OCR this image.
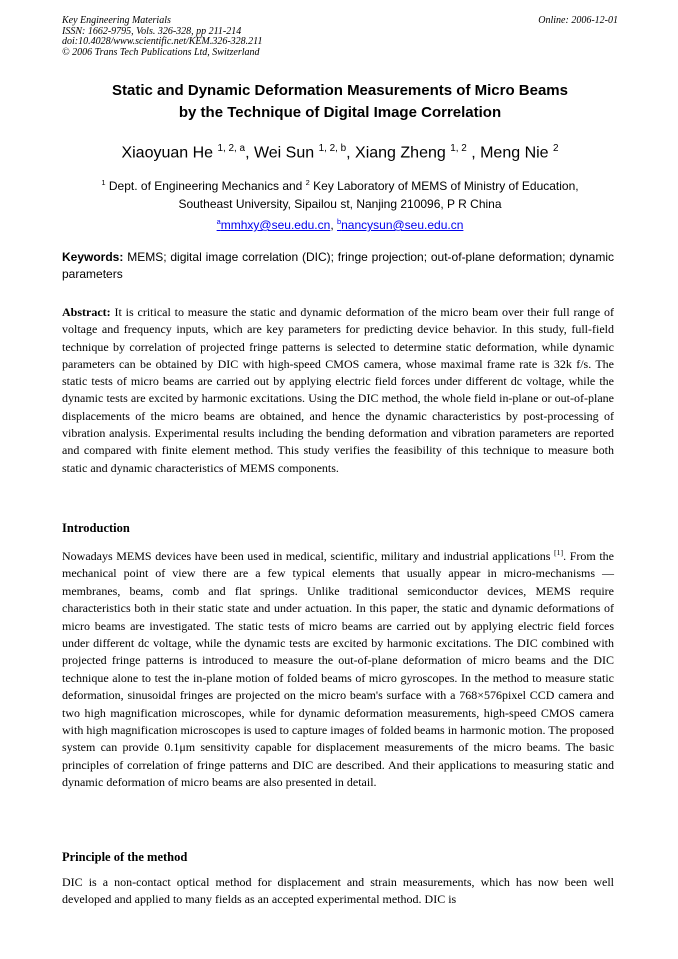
Key Engineering Materials
ISSN: 1662-9795, Vols. 326-328, pp 211-214
doi:10.4028/www.scientific.net/KEM.326-328.211
© 2006 Trans Tech Publications Ltd, Switzerland
Online: 2006-12-01
Static and Dynamic Deformation Measurements of Micro Beams
by the Technique of Digital Image Correlation
Xiaoyuan He $^{1, 2, a}$, Wei Sun $^{1, 2, b}$, Xiang Zheng $^{1, 2}$ , Meng Nie $^2$
$^1$ Dept. of Engineering Mechanics and $^2$ Key Laboratory of MEMS of Ministry of Education,
Southeast University, Sipailou st, Nanjing 210096, P R China
$^a$mmhxy@seu.edu.cn, $^b$nancysun@seu.edu.cn
Keywords: MEMS; digital image correlation (DIC); fringe projection; out-of-plane deformation; dynamic parameters
Abstract: It is critical to measure the static and dynamic deformation of the micro beam over their full range of voltage and frequency inputs, which are key parameters for predicting device behavior. In this study, full-field technique by correlation of projected fringe patterns is selected to determine static deformation, while dynamic parameters can be obtained by DIC with high-speed CMOS camera, whose maximal frame rate is 32k f/s. The static tests of micro beams are carried out by applying electric field forces under different dc voltage, while the dynamic tests are excited by harmonic excitations. Using the DIC method, the whole field in-plane or out-of-plane displacements of the micro beams are obtained, and hence the dynamic characteristics by post-processing of vibration analysis. Experimental results including the bending deformation and vibration parameters are reported and compared with finite element method. This study verifies the feasibility of this technique to measure both static and dynamic characteristics of MEMS components.
Introduction
Nowadays MEMS devices have been used in medical, scientific, military and industrial applications [1]. From the mechanical point of view there are a few typical elements that usually appear in micro-mechanisms — membranes, beams, comb and flat springs. Unlike traditional semiconductor devices, MEMS require characteristics both in their static state and under actuation. In this paper, the static and dynamic deformations of micro beams are investigated. The static tests of micro beams are carried out by applying electric field forces under different dc voltage, while the dynamic tests are excited by harmonic excitations. The DIC combined with projected fringe patterns is introduced to measure the out-of-plane deformation of micro beams and the DIC technique alone to test the in-plane motion of folded beams of micro gyroscopes. In the method to measure static deformation, sinusoidal fringes are projected on the micro beam's surface with a 768×576pixel CCD camera and two high magnification microscopes, while for dynamic deformation measurements, high-speed CMOS camera with high magnification microscopes is used to capture images of folded beams in harmonic motion. The proposed system can provide 0.1μm sensitivity capable for displacement measurements of the micro beams. The basic principles of correlation of fringe patterns and DIC are described. And their applications to measuring static and dynamic deformation of micro beams are also presented in detail.
Principle of the method
DIC is a non-contact optical method for displacement and strain measurements, which has now been well developed and applied to many fields as an accepted experimental method. DIC is
